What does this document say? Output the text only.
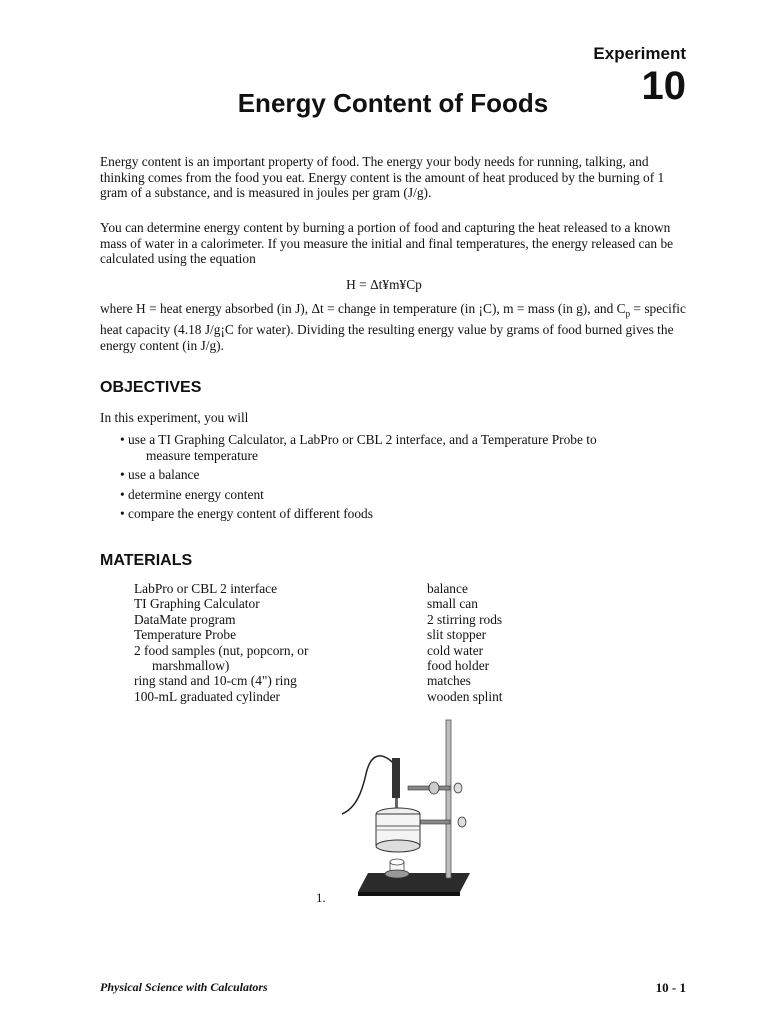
Experiment
10
Energy Content of Foods

Energy content is an important property of food. The energy your body needs for running, talking, and thinking comes from the food you eat. Energy content is the amount of heat produced by the burning of 1 gram of a substance, and is measured in joules per gram (J/g).

You can determine energy content by burning a portion of food and capturing the heat released to a known mass of water in a calorimeter. If you measure the initial and final temperatures, the energy released can be calculated using the equation

H = Δt¥m¥Cp

where H = heat energy absorbed (in J), Δt = change in temperature (in ¡C), m = mass (in g), and $C_p$ = specific heat capacity (4.18 J/g¡C for water). Dividing the resulting energy value by grams of food burned gives the energy content (in J/g).

OBJECTIVES
In this experiment, you will
• use a TI Graphing Calculator, a LabPro or CBL 2 interface, and a Temperature Probe to
measure temperature
• use a balance
• determine energy content
• compare the energy content of different foods
MATERIALS
LabPro or CBL 2 interface
TI Graphing Calculator
DataMate program
Temperature Probe
2 food samples (nut, popcorn, or
marshmallow)
ring stand and 10-cm (4") ring
100-mL graduated cylinder
balance
small can
2 stirring rods
slit stopper
cold water
food holder
matches
wooden splint
1.
Physical Science with Calculators	10 - 1
